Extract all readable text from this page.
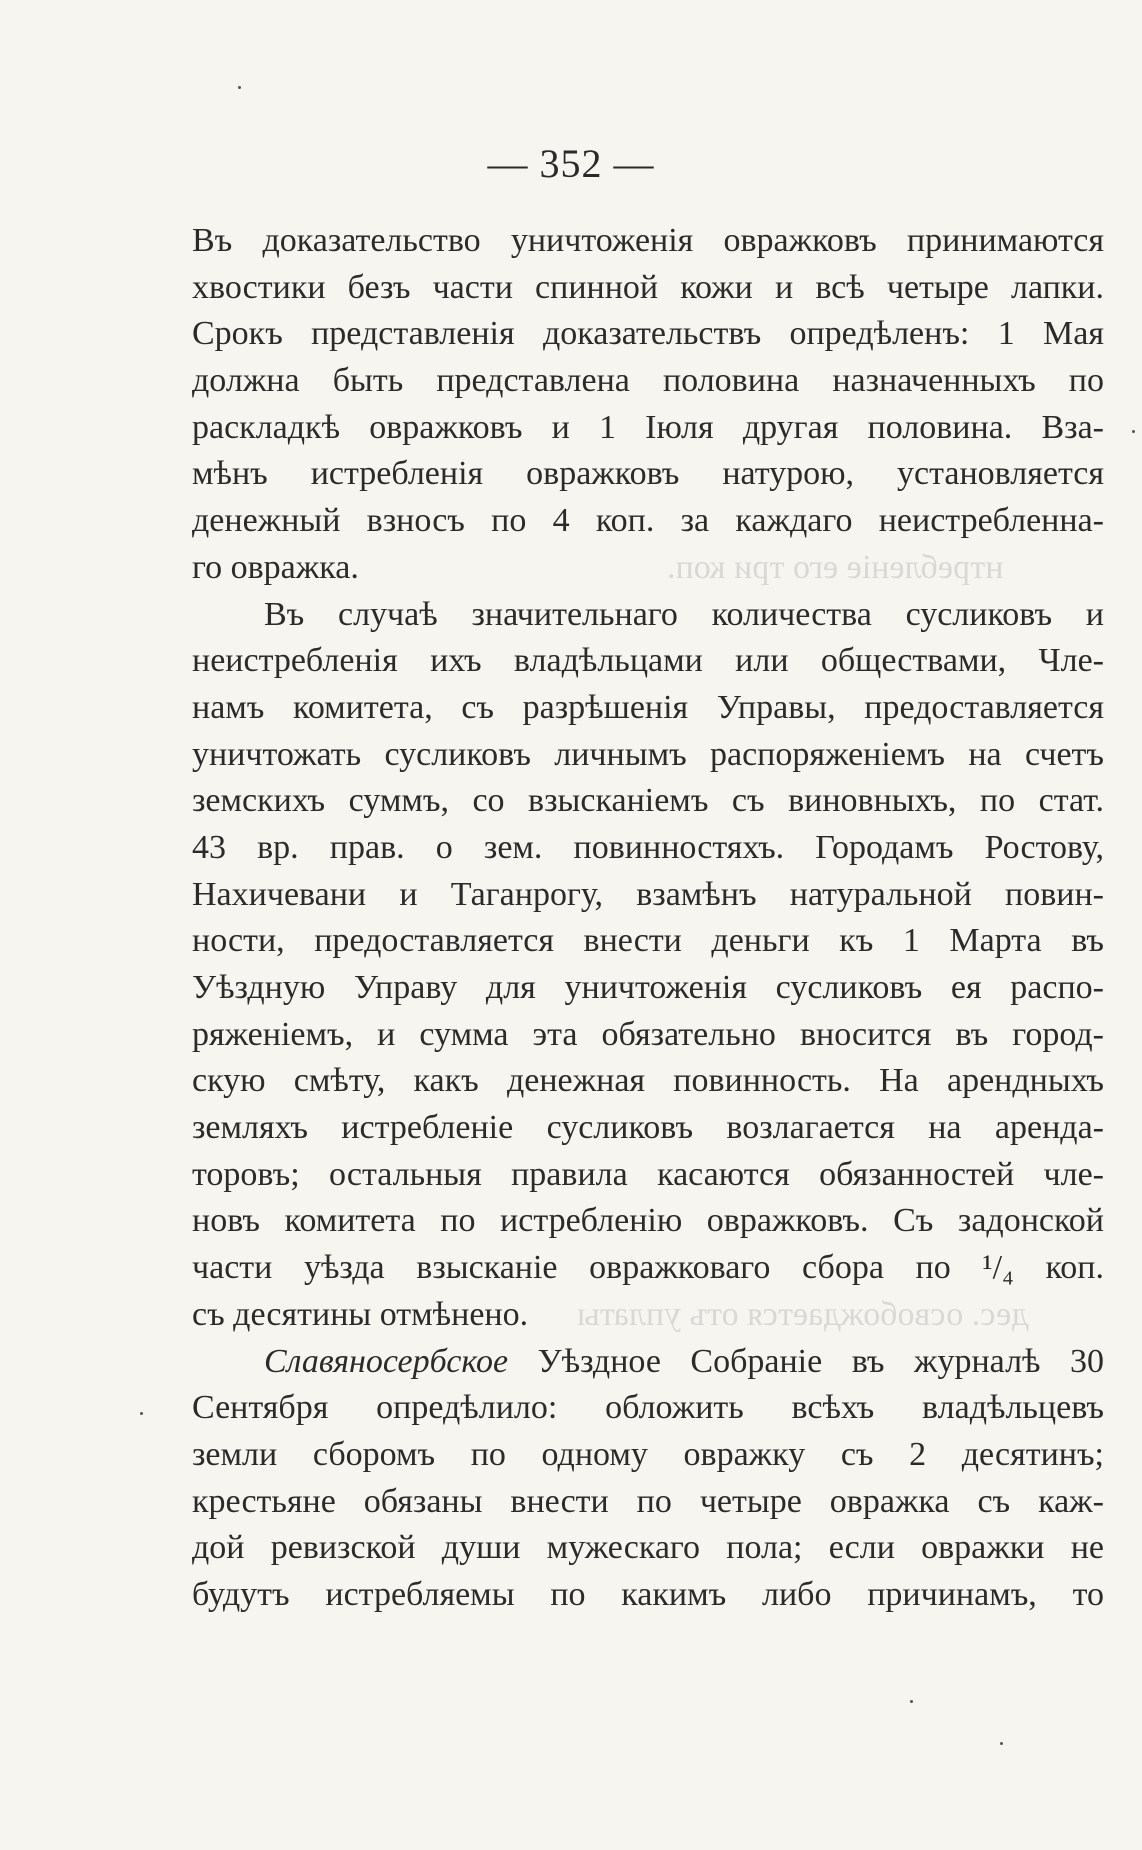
— 352 —
Въ доказательство уничтоженія овражковъ принимаются
хвостики безъ части спинной кожи и всѣ четыре лапки.
Срокъ представленія доказательствъ опредѣленъ: 1 Мая
должна быть представлена половина назначенныхъ по
раскладкѣ овражковъ и 1 Іюля другая половина. Вза-
мѣнъ истребленія овражковъ натурою, установляется
денежный взносъ по 4 коп. за каждаго неистребленна-
го овражка.	нтребленіе его три коп.
Въ случаѣ значительнаго количества сусликовъ и
неистребленія ихъ владѣльцами или обществами, Чле-
намъ комитета, съ разрѣшенія Управы, предоставляется
уничтожать сусликовъ личнымъ распоряженіемъ на счетъ
земскихъ суммъ, со взысканіемъ съ виновныхъ, по стат.
43 вр. прав. о зем. повинностяхъ. Городамъ Ростову,
Нахичевани и Таганрогу, взамѣнъ натуральной повин-
ности, предоставляется внести деньги къ 1 Марта въ
Уѣздную Управу для уничтоженія сусликовъ ея распо-
ряженіемъ, и сумма эта обязательно вносится въ город-
скую смѣту, какъ денежная повинность. На арендныхъ
земляхъ истребленіе сусликовъ возлагается на аренда-
торовъ; остальныя правила касаются обязанностей чле-
новъ комитета по истребленію овражковъ. Съ задонской
части уѣзда взысканіе овражковаго сбора по ¹/₄ коп.
съ десятины отмѣнено. дес. освобождается отъ уплаты
Славяносербское Уѣздное Собраніе въ журналѣ 30
Сентября опредѣлило: обложить всѣхъ владѣльцевъ
земли сборомъ по одному овражку съ 2 десятинъ;
крестьяне обязаны внести по четыре овражка съ каж-
дой ревизской души мужескаго пола; если овражки не
будутъ истребляемы по какимъ либо причинамъ, то
